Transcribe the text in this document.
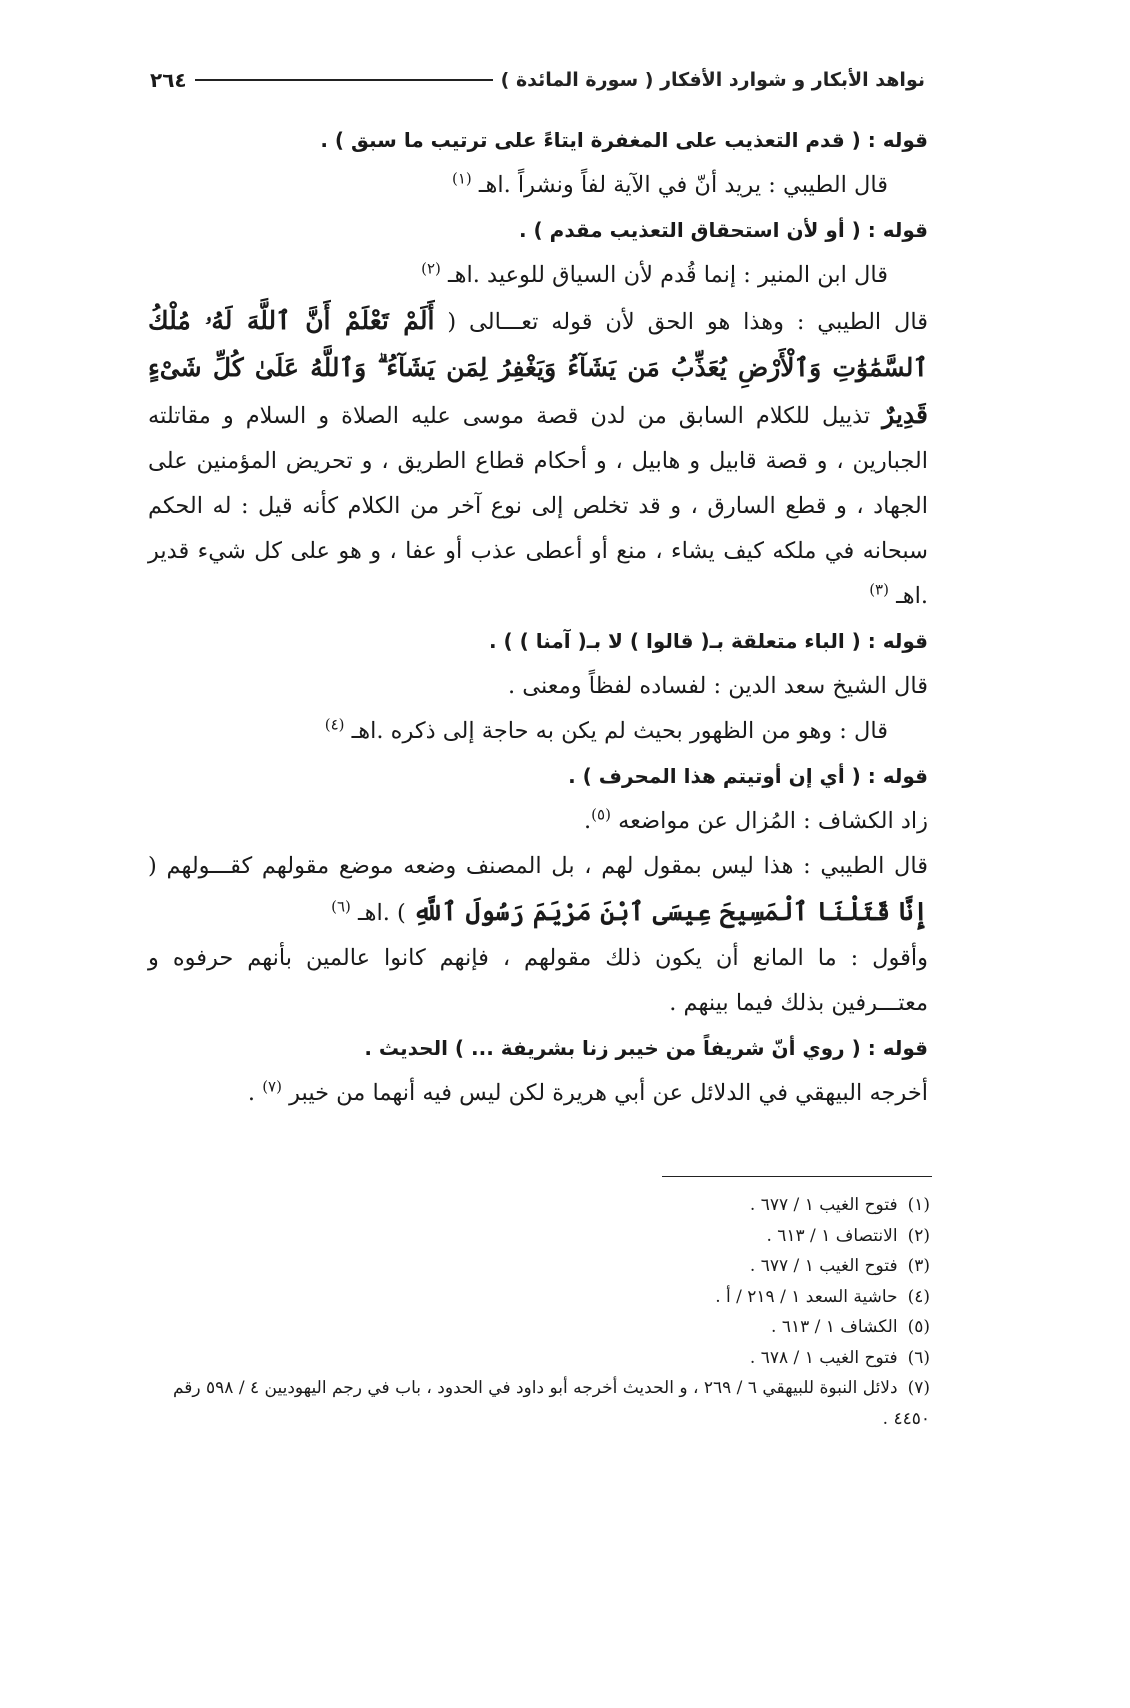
نواهد الأبكار و شوارد الأفكار ( سورة المائدة )
٢٦٤

قوله : ( قدم التعذيب على المغفرة ايتاءً على ترتيب ما سبق ) .

قال الطيبي : يريد أنّ في الآية لفاً ونشراً .اهـ $^{(١)}$

قوله : ( أو لأن استحقاق التعذيب مقدم ) .

قال ابن المنير : إنما قُدم لأن السياق للوعيد .اهـ $^{(٢)}$

قال الطيبي : وهذا هو الحق لأن قوله تعـــالى ( أَلَمْ تَعْلَمْ أَنَّ ٱللَّهَ لَهُۥ مُلْكُ ٱلسَّمَٰوَٰتِ وَٱلْأَرْضِ يُعَذِّبُ مَن يَشَآءُ وَيَغْفِرُ لِمَن يَشَآءُ ۗ وَٱللَّهُ عَلَىٰ كُلِّ شَىْءٍ قَدِيرٌ تذييل للكلام السابق من لدن قصة موسى عليه الصلاة و السلام و مقاتلته الجبارين ، و قصة قابيل و هابيل ، و أحكام قطاع الطريق ، و تحريض المؤمنين على الجهاد ، و قطع السارق ، و قد تخلص إلى نوع آخر من الكلام كأنه قيل : له الحكم سبحانه في ملكه كيف يشاء ، منع أو أعطى عذب أو عفا ، و هو على كل شيء قدير .اهـ $^{(٣)}$

قوله : ( الباء متعلقة بـ( قالوا ) لا بـ( آمنا ) ) .

قال الشيخ سعد الدين : لفساده لفظاً ومعنى .

قال : وهو من الظهور بحيث لم يكن به حاجة إلى ذكره .اهـ $^{(٤)}$

قوله : ( أي إن أوتيتم هذا المحرف ) .

زاد الكشاف : المُزال عن مواضعه $^{(٥)}$.

قال الطيبي : هذا ليس بمقول لهم ، بل المصنف وضعه موضع مقولهم كقـــولهم ( إِنَّا قَتَلْنَا ٱلْمَسِيحَ عِيسَى ٱبْنَ مَرْيَمَ رَسُولَ ٱللَّهِ ) .اهـ $^{(٦)}$

وأقول : ما المانع أن يكون ذلك مقولهم ، فإنهم كانوا عالمين بأنهم حرفوه و معتـــرفين بذلك فيما بينهم .

قوله : ( روي أنّ شريفاً من خيبر زنا بشريفة ... ) الحديث .

أخرجه البيهقي في الدلائل عن أبي هريرة لكن ليس فيه أنهما من خيبر $^{(٧)}$ .

(١)فتوح الغيب ١ / ٦٧٧ .

(٢)الانتصاف ١ / ٦١٣ .

(٣)فتوح الغيب ١ / ٦٧٧ .

(٤)حاشية السعد ١ / ٢١٩ / أ .

(٥)الكشاف ١ / ٦١٣ .

(٦)فتوح الغيب ١ / ٦٧٨ .

(٧)دلائل النبوة للبيهقي ٦ / ٢٦٩ ، و الحديث أخرجه أبو داود في الحدود ، باب في رجم اليهوديين ٤ / ٥٩٨ رقم ٤٤٥٠ .
